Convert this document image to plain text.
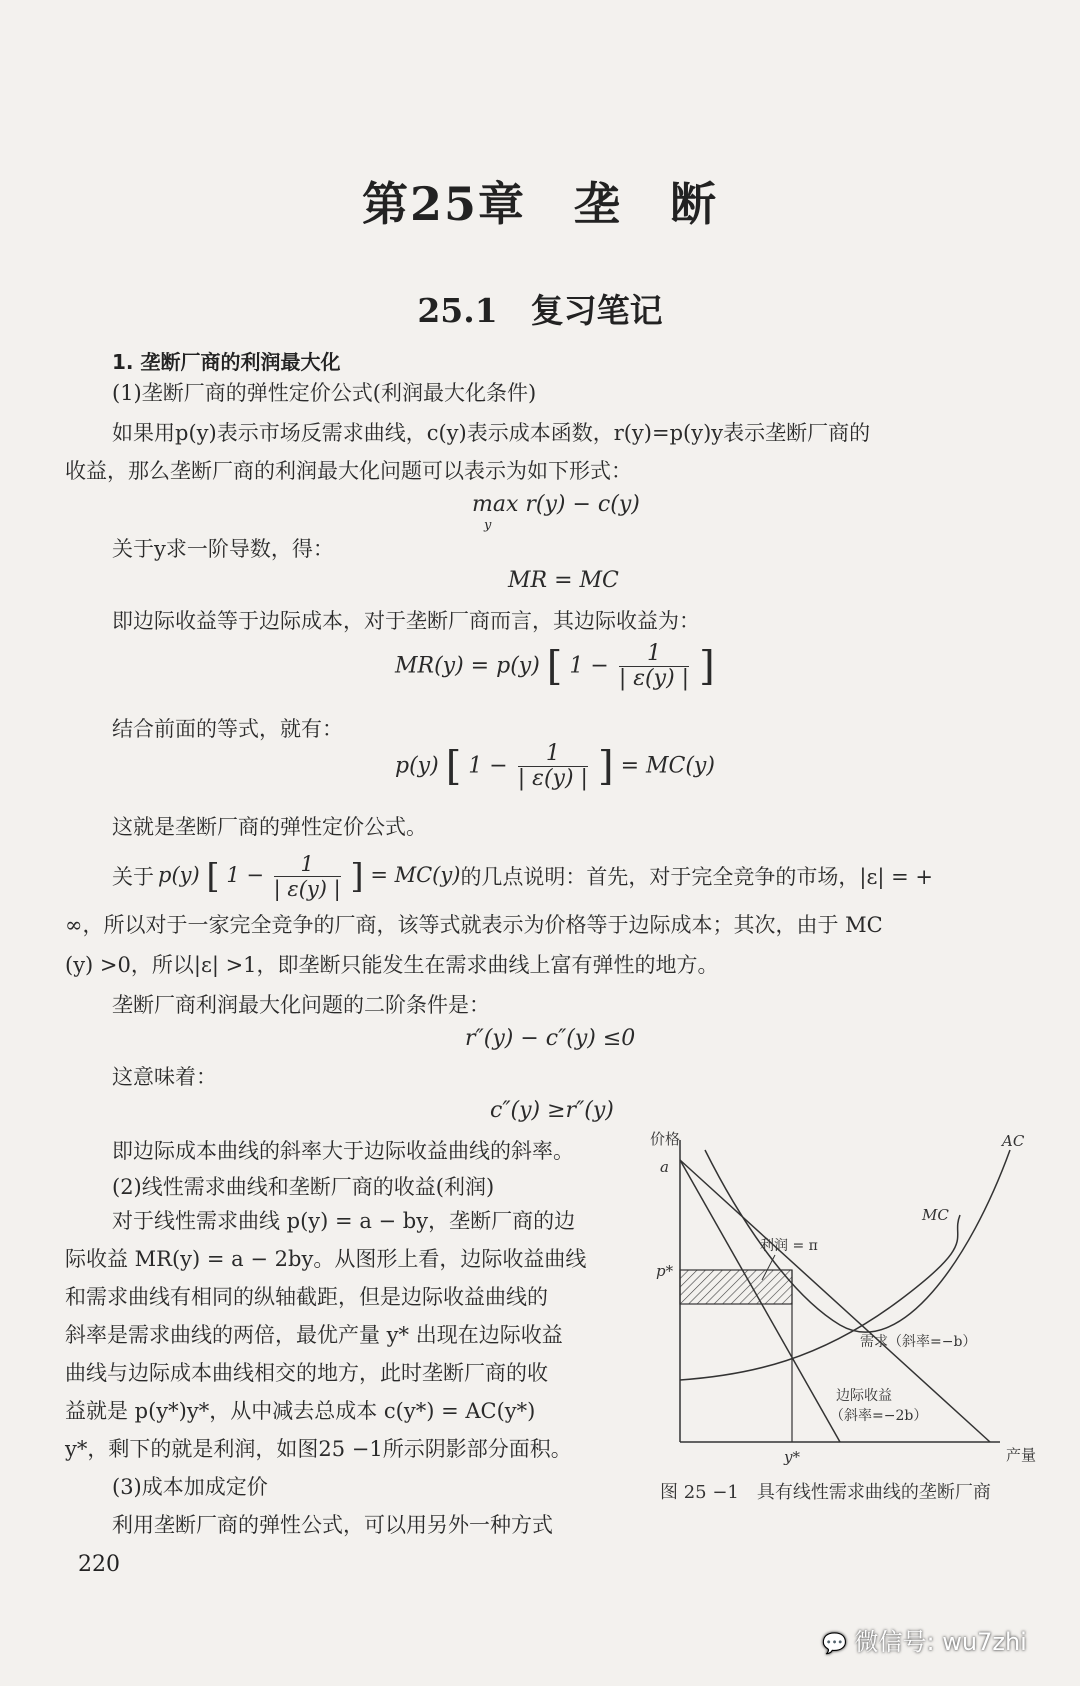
第25章　垄　断
25.1　复习笔记
1. 垄断厂商的利润最大化
(1)垄断厂商的弹性定价公式(利润最大化条件)
如果用p(y)表示市场反需求曲线，c(y)表示成本函数，r(y)=p(y)y表示垄断厂商的
收益，那么垄断厂商的利润最大化问题可以表示为如下形式：
max r(y) − c(y)
y
关于y求一阶导数，得：
MR = MC
即边际收益等于边际成本，对于垄断厂商而言，其边际收益为：
MR(y) = p(y) [ $1 - \frac{1}{| \varepsilon(y) |}$ ]
结合前面的等式，就有：
p(y) [ $1 - \frac{1}{| \varepsilon(y) |}$ ] = MC(y)
这就是垄断厂商的弹性定价公式。
关于 p(y) [ $1 - \frac{1}{| \varepsilon(y) |}$ ] = MC(y) 的几点说明：首先，对于完全竞争的市场，|ε| = +
∞，所以对于一家完全竞争的厂商，该等式就表示为价格等于边际成本；其次，由于 MC
(y) >0，所以|ε| >1，即垄断只能发生在需求曲线上富有弹性的地方。
垄断厂商利润最大化问题的二阶条件是：
r″(y) − c″(y) ≤0
这意味着：
c″(y) ≥r″(y)
即边际成本曲线的斜率大于边际收益曲线的斜率。
(2)线性需求曲线和垄断厂商的收益(利润)
对于线性需求曲线 p(y) = a − by，垄断厂商的边
际收益 MR(y) = a − 2by。从图形上看，边际收益曲线
和需求曲线有相同的纵轴截距，但是边际收益曲线的
斜率是需求曲线的两倍，最优产量 y* 出现在边际收益
曲线与边际成本曲线相交的地方，此时垄断厂商的收
益就是 p(y*)y*，从中减去总成本 c(y*) = AC(y*)
y*，剩下的就是利润，如图25 −1所示阴影部分面积。
(3)成本加成定价
利用垄断厂商的弹性公式，可以用另外一种方式
220
价格
a
p*
y*	产量
AC
MC
需求（斜率=−b）
边际收益
（斜率=−2b）
利润 = π
图 25 −1　具有线性需求曲线的垄断厂商
💬 微信号: wu7zhi
